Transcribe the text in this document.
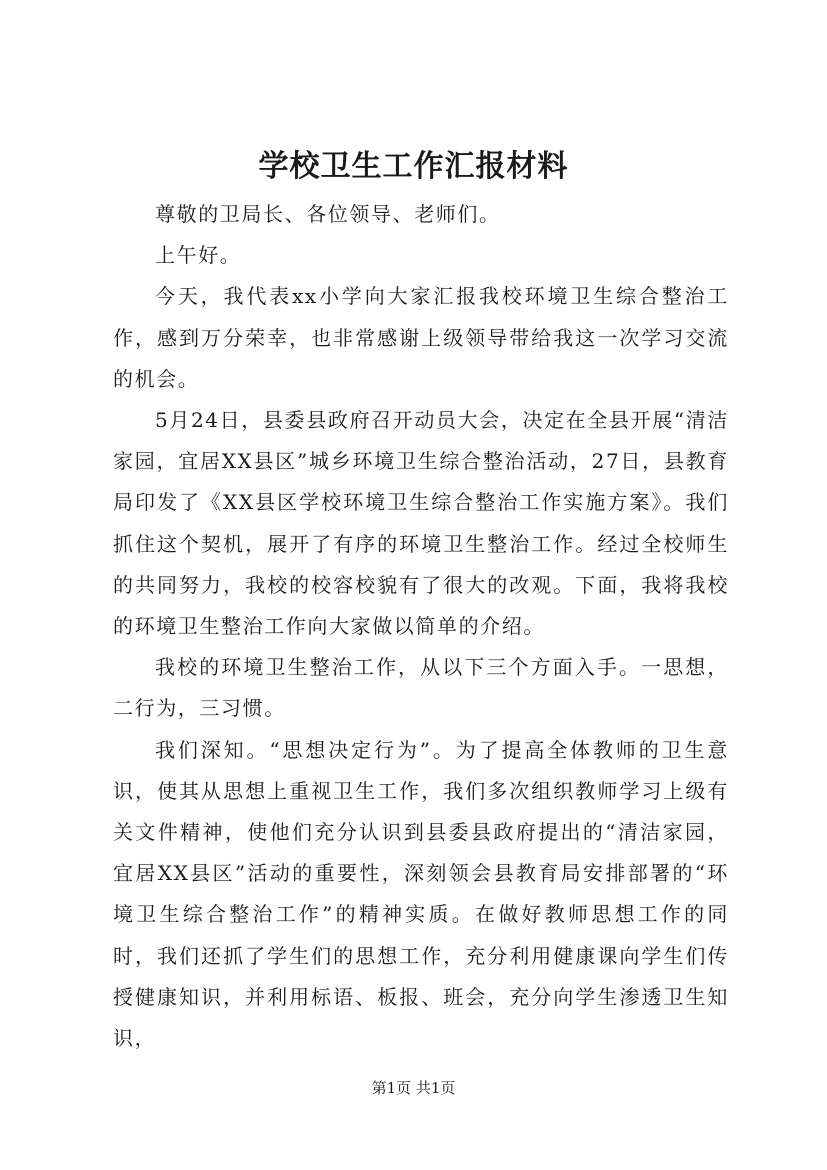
学校卫生工作汇报材料

尊敬的卫局长、各位领导、老师们。

上午好。

今天，我代表xx小学向大家汇报我校环境卫生综合整治工作，感到万分荣幸，也非常感谢上级领导带给我这一次学习交流的机会。

5月24日，县委县政府召开动员大会，决定在全县开展“清洁家园，宜居XX县区”城乡环境卫生综合整治活动，27日，县教育局印发了《XX县区学校环境卫生综合整治工作实施方案》。我们抓住这个契机，展开了有序的环境卫生整治工作。经过全校师生的共同努力，我校的校容校貌有了很大的改观。下面，我将我校的环境卫生整治工作向大家做以简单的介绍。

我校的环境卫生整治工作，从以下三个方面入手。一思想，二行为，三习惯。

我们深知。“思想决定行为”。为了提高全体教师的卫生意识，使其从思想上重视卫生工作，我们多次组织教师学习上级有关文件精神，使他们充分认识到县委县政府提出的“清洁家园，宜居XX县区”活动的重要性，深刻领会县教育局安排部署的“环境卫生综合整治工作”的精神实质。在做好教师思想工作的同时，我们还抓了学生们的思想工作，充分利用健康课向学生们传授健康知识，并利用标语、板报、班会，充分向学生渗透卫生知识，

第1页 共1页
